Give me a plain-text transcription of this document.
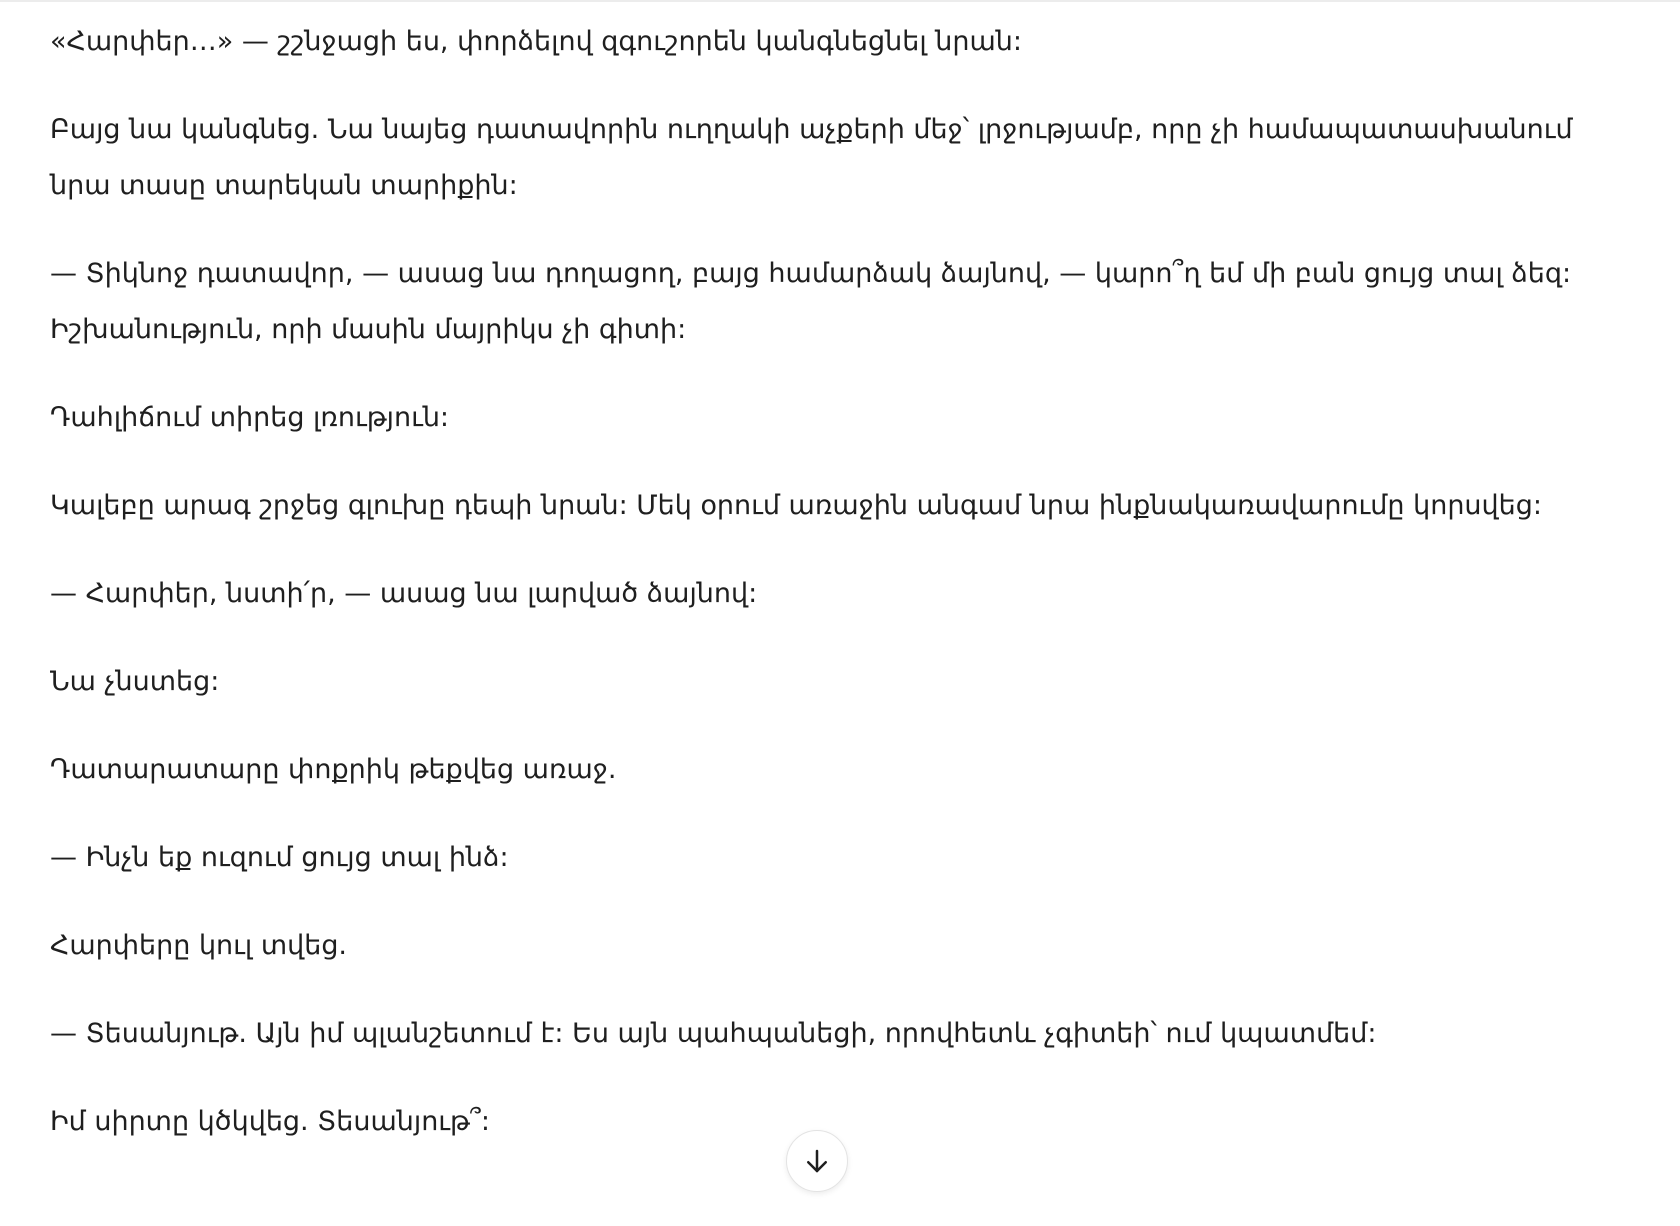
«Հարփեր…» — շշնջացի ես, փորձելով զգուշորեն կանգնեցնել նրան:

Բայց նա կանգնեց. Նա նայեց դատավորին ուղղակի աչքերի մեջ՝ լրջությամբ, որը չի համապատասխանում նրա տասը տարեկան տարիքին:

— Տիկնոջ դատավոր, — ասաց նա դողացող, բայց համարձակ ձայնով, — կարո՞ղ եմ մի բան ցույց տալ ձեզ: Իշխանություն, որի մասին մայրիկս չի գիտի:

Դահլիճում տիրեց լռություն:

Կալեբը արագ շրջեց գլուխը դեպի նրան: Մեկ օրում առաջին անգամ նրա ինքնակառավարումը կորսվեց:

— Հարփեր, նստի՛ր, — ասաց նա լարված ձայնով:

Նա չնստեց:

Դատարատարը փոքրիկ թեքվեց առաջ.

— Ինչն եք ուզում ցույց տալ ինձ:

Հարփերը կուլ տվեց.

— Տեսանյութ. Այն իմ պլանշետում է: Ես այն պահպանեցի, որովհետև չգիտեի՝ ում կպատմեմ:

Իմ սիրտը կծկվեց. Տեսանյութ՞:
